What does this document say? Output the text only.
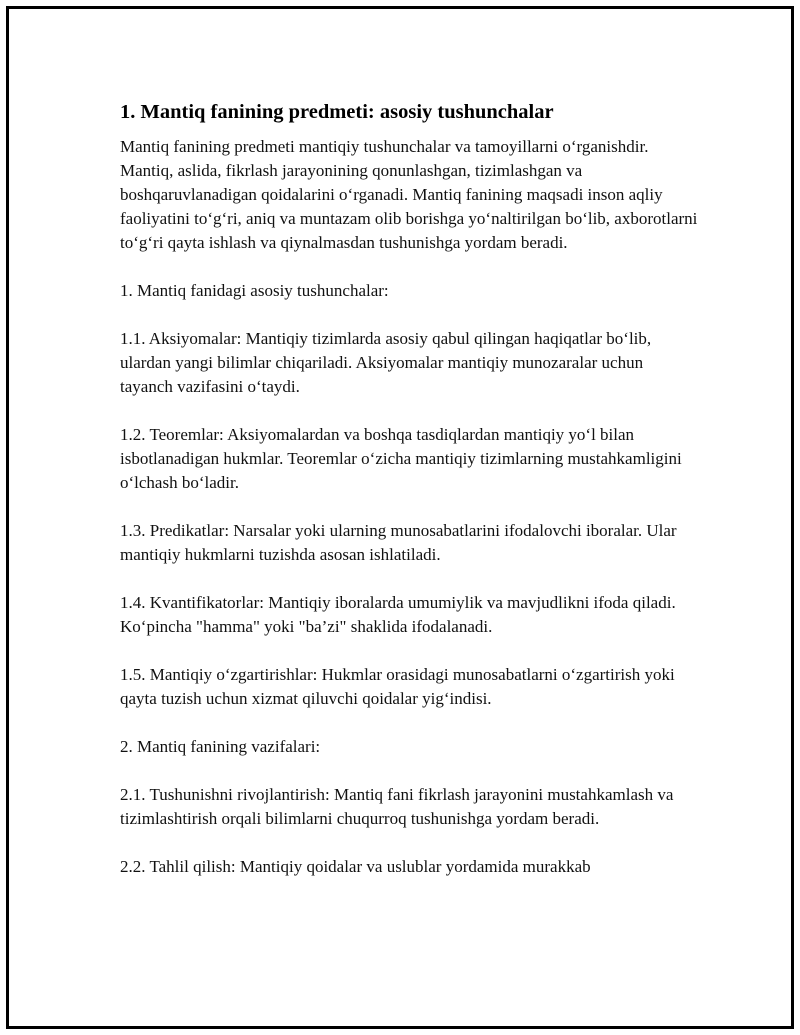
1. Mantiq fanining predmeti: asosiy tushunchalar

Mantiq fanining predmeti mantiqiy tushunchalar va tamoyillarni o‘rganishdir. Mantiq, aslida, fikrlash jarayonining qonunlashgan, tizimlashgan va boshqaruvlanadigan qoidalarini o‘rganadi. Mantiq fanining maqsadi inson aqliy faoliyatini to‘g‘ri, aniq va muntazam olib borishga yo‘naltirilgan bo‘lib, axborotlarni to‘g‘ri qayta ishlash va qiynalmasdan tushunishga yordam beradi.

1. Mantiq fanidagi asosiy tushunchalar:

1.1. Aksiyomalar: Mantiqiy tizimlarda asosiy qabul qilingan haqiqatlar bo‘lib, ulardan yangi bilimlar chiqariladi. Aksiyomalar mantiqiy munozaralar uchun tayanch vazifasini o‘taydi.

1.2. Teoremlar: Aksiyomalardan va boshqa tasdiqlardan mantiqiy yo‘l bilan isbotlanadigan hukmlar. Teoremlar o‘zicha mantiqiy tizimlarning mustahkamligini o‘lchash bo‘ladir.

1.3. Predikatlar: Narsalar yoki ularning munosabatlarini ifodalovchi iboralar. Ular mantiqiy hukmlarni tuzishda asosan ishlatiladi.

1.4. Kvantifikatorlar: Mantiqiy iboralarda umumiylik va mavjudlikni ifoda qiladi. Ko‘pincha "hamma" yoki "ba’zi" shaklida ifodalanadi.

1.5. Mantiqiy o‘zgartirishlar: Hukmlar orasidagi munosabatlarni o‘zgartirish yoki qayta tuzish uchun xizmat qiluvchi qoidalar yig‘indisi.

2. Mantiq fanining vazifalari:

2.1. Tushunishni rivojlantirish: Mantiq fani fikrlash jarayonini mustahkamlash va tizimlashtirish orqali bilimlarni chuqurroq tushunishga yordam beradi.

2.2. Tahlil qilish: Mantiqiy qoidalar va uslublar yordamida murakkab
